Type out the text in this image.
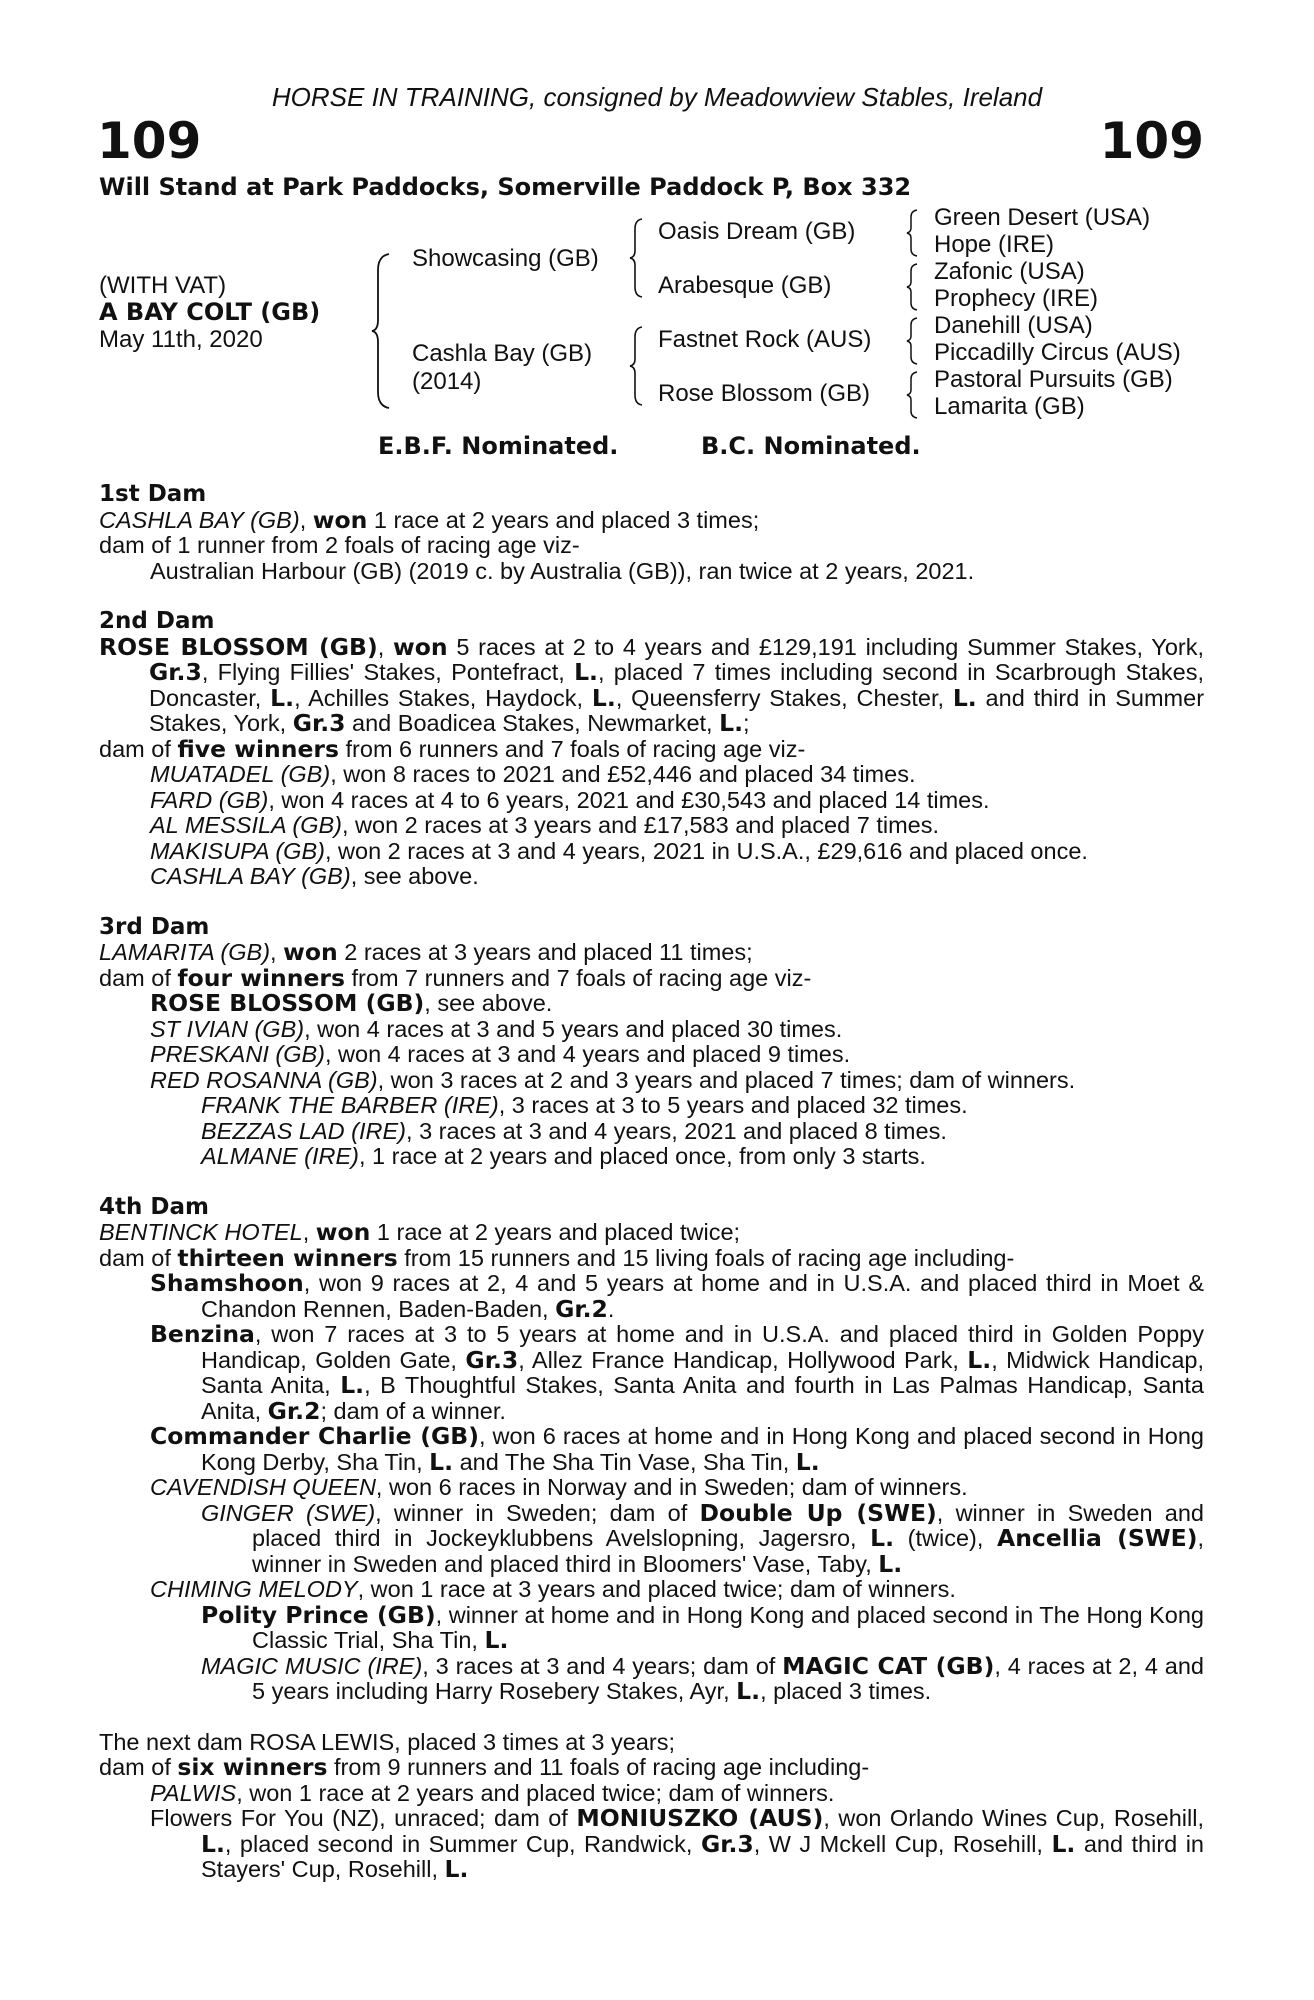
HORSE IN TRAINING, consigned by Meadowview Stables, Ireland
109	109
Will Stand at Park Paddocks, Somerville Paddock P, Box 332
(WITH VAT)
A BAY COLT (GB)
May 11th, 2020
Showcasing (GB)
Cashla Bay (GB)
(2014)
Oasis Dream (GB)
Arabesque (GB)
Fastnet Rock (AUS)
Rose Blossom (GB)
Green Desert (USA)
Hope (IRE)
Zafonic (USA)
Prophecy (IRE)
Danehill (USA)
Piccadilly Circus (AUS)
Pastoral Pursuits (GB)
Lamarita (GB)
E.B.F. Nominated.	B.C. Nominated.

1st Dam

CASHLA BAY (GB), won 1 race at 2 years and placed 3 times;

dam of 1 runner from 2 foals of racing age viz-

Australian Harbour (GB) (2019 c. by Australia (GB)), ran twice at 2 years, 2021.

2nd Dam

ROSE BLOSSOM (GB), won 5 races at 2 to 4 years and £129,191 including Summer Stakes, York, Gr.3, Flying Fillies' Stakes, Pontefract, L., placed 7 times including second in Scarbrough Stakes, Doncaster, L., Achilles Stakes, Haydock, L., Queensferry Stakes, Chester, L. and third in Summer Stakes, York, Gr.3 and Boadicea Stakes, Newmarket, L.;

dam of five winners from 6 runners and 7 foals of racing age viz-

MUATADEL (GB), won 8 races to 2021 and £52,446 and placed 34 times.

FARD (GB), won 4 races at 4 to 6 years, 2021 and £30,543 and placed 14 times.

AL MESSILA (GB), won 2 races at 3 years and £17,583 and placed 7 times.

MAKISUPA (GB), won 2 races at 3 and 4 years, 2021 in U.S.A., £29,616 and placed once.

CASHLA BAY (GB), see above.

3rd Dam

LAMARITA (GB), won 2 races at 3 years and placed 11 times;

dam of four winners from 7 runners and 7 foals of racing age viz-

ROSE BLOSSOM (GB), see above.

ST IVIAN (GB), won 4 races at 3 and 5 years and placed 30 times.

PRESKANI (GB), won 4 races at 3 and 4 years and placed 9 times.

RED ROSANNA (GB), won 3 races at 2 and 3 years and placed 7 times; dam of winners.

FRANK THE BARBER (IRE), 3 races at 3 to 5 years and placed 32 times.

BEZZAS LAD (IRE), 3 races at 3 and 4 years, 2021 and placed 8 times.

ALMANE (IRE), 1 race at 2 years and placed once, from only 3 starts.

4th Dam

BENTINCK HOTEL, won 1 race at 2 years and placed twice;

dam of thirteen winners from 15 runners and 15 living foals of racing age including-

Shamshoon, won 9 races at 2, 4 and 5 years at home and in U.S.A. and placed third in Moet & Chandon Rennen, Baden-Baden, Gr.2.

Benzina, won 7 races at 3 to 5 years at home and in U.S.A. and placed third in Golden Poppy Handicap, Golden Gate, Gr.3, Allez France Handicap, Hollywood Park, L., Midwick Handicap, Santa Anita, L., B Thoughtful Stakes, Santa Anita and fourth in Las Palmas Handicap, Santa Anita, Gr.2; dam of a winner.

Commander Charlie (GB), won 6 races at home and in Hong Kong and placed second in Hong Kong Derby, Sha Tin, L. and The Sha Tin Vase, Sha Tin, L.

CAVENDISH QUEEN, won 6 races in Norway and in Sweden; dam of winners.

GINGER (SWE), winner in Sweden; dam of Double Up (SWE), winner in Sweden and placed third in Jockeyklubbens Avelslopning, Jagersro, L. (twice), Ancellia (SWE), winner in Sweden and placed third in Bloomers' Vase, Taby, L.

CHIMING MELODY, won 1 race at 3 years and placed twice; dam of winners.

Polity Prince (GB), winner at home and in Hong Kong and placed second in The Hong Kong Classic Trial, Sha Tin, L.

MAGIC MUSIC (IRE), 3 races at 3 and 4 years; dam of MAGIC CAT (GB), 4 races at 2, 4 and 5 years including Harry Rosebery Stakes, Ayr, L., placed 3 times.

The next dam ROSA LEWIS, placed 3 times at 3 years;

dam of six winners from 9 runners and 11 foals of racing age including-

PALWIS, won 1 race at 2 years and placed twice; dam of winners.

Flowers For You (NZ), unraced; dam of MONIUSZKO (AUS), won Orlando Wines Cup, Rosehill, L., placed second in Summer Cup, Randwick, Gr.3, W J Mckell Cup, Rosehill, L. and third in Stayers' Cup, Rosehill, L.
